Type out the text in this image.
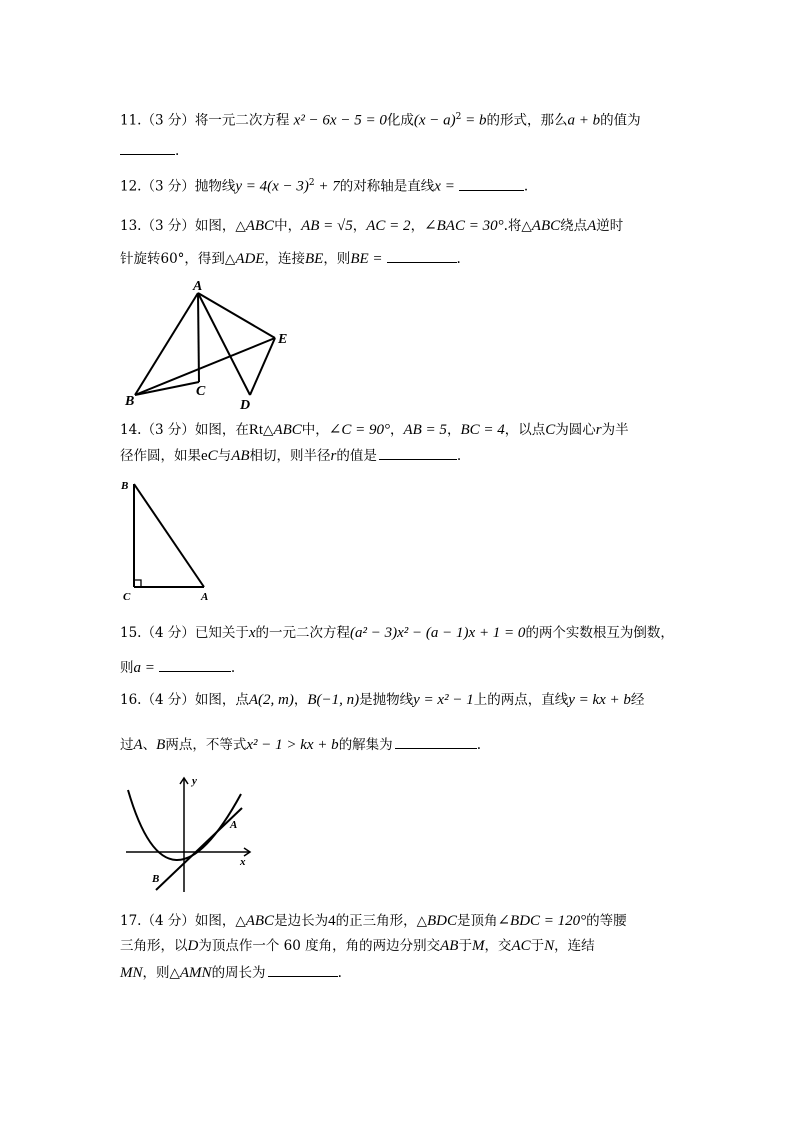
11.（3 分）将一元二次方程 x² − 6x − 5 = 0化成$(x - a)^2 = b$的形式，那么a + b的值为
.
12.（3 分）抛物线$y = 4(x - 3)^2 + 7$的对称轴是直线x =	.
13.（3 分）如图，△ABC中，AB = √5，AC = 2，∠BAC = 30°.将△ABC绕点A逆时
针旋转60°，得到△ADE，连接BE，则BE =	.
A
E
C
B	D
14.（3 分）如图，在Rt△ABC中，∠C = 90°，AB = 5，BC = 4，以点C为圆心r为半
径作圆，如果eC与AB相切，则半径r的值是	.
B
C	A
15.（4 分）已知关于x的一元二次方程(a² − 3)x² − (a − 1)x + 1 = 0的两个实数根互为倒数，
则a =	.
16.（4 分）如图，点A(2, m)，B(−1, n)是抛物线y = x² − 1上的两点，直线y = kx + b经
过A、B两点，不等式x² − 1 > kx + b的解集为	.
y
x
A
B
17.（4 分）如图，△ABC是边长为4的正三角形，△BDC是顶角∠BDC = 120°的等腰
三角形，以D为顶点作一个 60 度角，角的两边分别交AB于M，交AC于N，连结
MN，则△AMN的周长为	.
